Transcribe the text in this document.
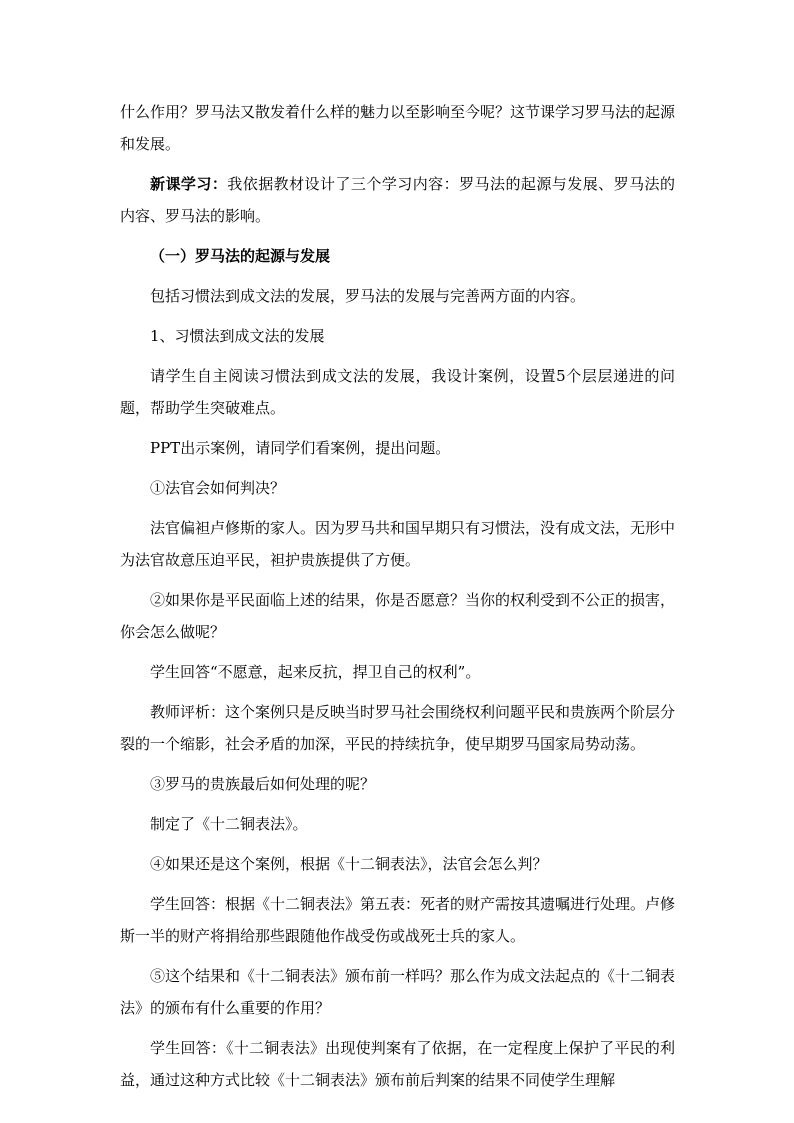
什么作用？罗马法又散发着什么样的魅力以至影响至今呢？这节课学习罗马法的起源和发展。

新课学习：我依据教材设计了三个学习内容：罗马法的起源与发展、罗马法的内容、罗马法的影响。

（一）罗马法的起源与发展

包括习惯法到成文法的发展，罗马法的发展与完善两方面的内容。

1、习惯法到成文法的发展

请学生自主阅读习惯法到成文法的发展，我设计案例，设置5个层层递进的问题，帮助学生突破难点。

PPT出示案例，请同学们看案例，提出问题。

①法官会如何判决？

法官偏袒卢修斯的家人。因为罗马共和国早期只有习惯法，没有成文法，无形中为法官故意压迫平民，袒护贵族提供了方便。

②如果你是平民面临上述的结果，你是否愿意？当你的权利受到不公正的损害，你会怎么做呢？

学生回答“不愿意，起来反抗，捍卫自己的权利”。

教师评析：这个案例只是反映当时罗马社会围绕权利问题平民和贵族两个阶层分裂的一个缩影，社会矛盾的加深，平民的持续抗争，使早期罗马国家局势动荡。

③罗马的贵族最后如何处理的呢？

制定了《十二铜表法》。

④如果还是这个案例，根据《十二铜表法》，法官会怎么判？

学生回答：根据《十二铜表法》第五表：死者的财产需按其遗嘱进行处理。卢修斯一半的财产将捐给那些跟随他作战受伤或战死士兵的家人。

⑤这个结果和《十二铜表法》颁布前一样吗？那么作为成文法起点的《十二铜表法》的颁布有什么重要的作用？

学生回答：《十二铜表法》出现使判案有了依据，在一定程度上保护了平民的利益，通过这种方式比较《十二铜表法》颁布前后判案的结果不同使学生理解
